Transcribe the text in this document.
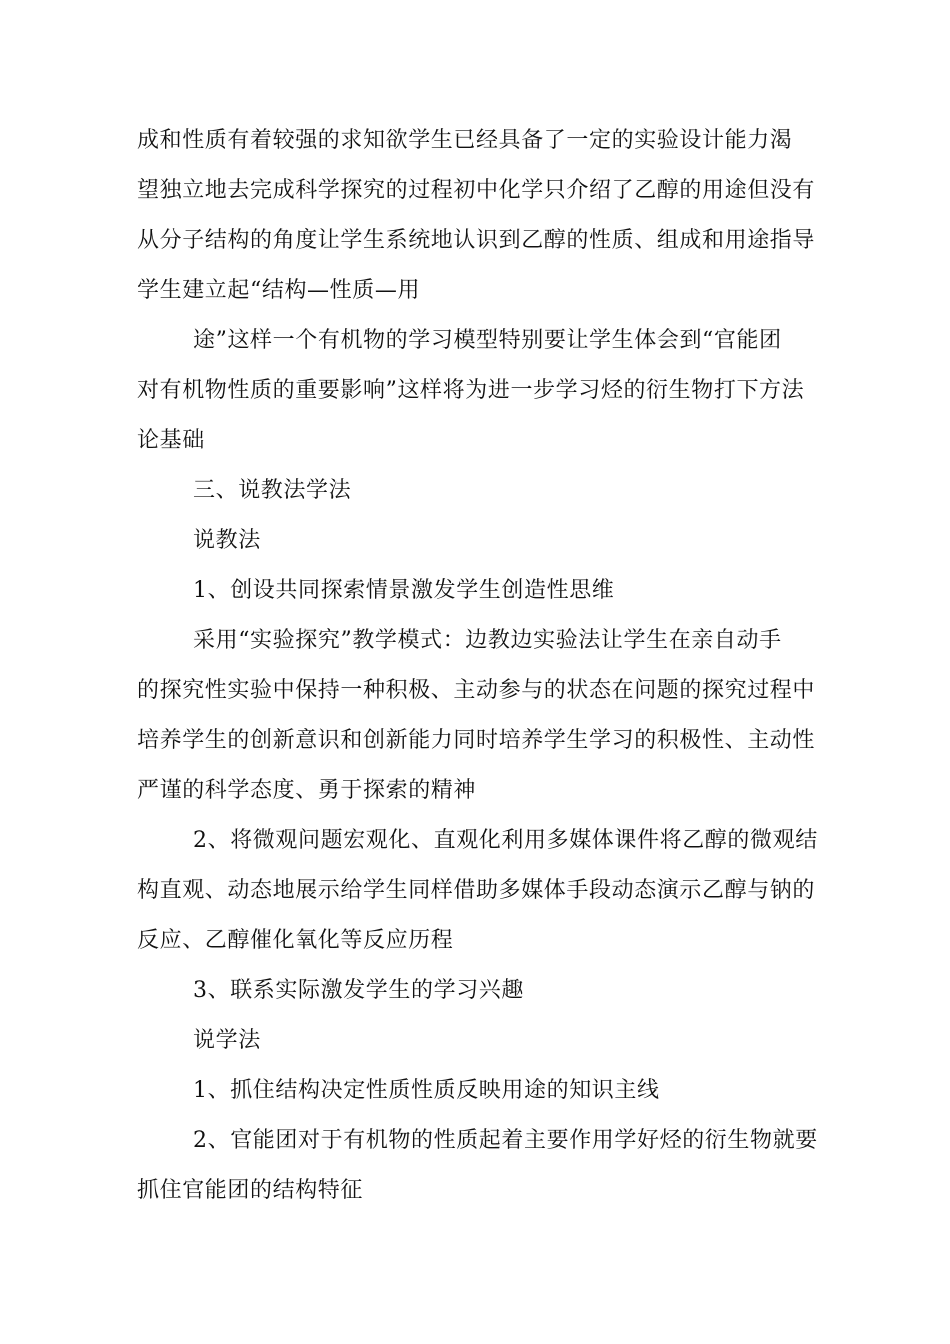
成和性质有着较强的求知欲学生已经具备了一定的实验设计能力渴
望独立地去完成科学探究的过程初中化学只介绍了乙醇的用途但没有
从分子结构的角度让学生系统地认识到乙醇的性质、组成和用途指导
学生建立起“结构—性质—用
途”这样一个有机物的学习模型特别要让学生体会到“官能团
对有机物性质的重要影响”这样将为进一步学习烃的衍生物打下方法
论基础
三、说教法学法
说教法
1、创设共同探索情景激发学生创造性思维
采用“实验探究”教学模式：边教边实验法让学生在亲自动手
的探究性实验中保持一种积极、主动参与的状态在问题的探究过程中
培养学生的创新意识和创新能力同时培养学生学习的积极性、主动性
严谨的科学态度、勇于探索的精神
2、将微观问题宏观化、直观化利用多媒体课件将乙醇的微观结
构直观、动态地展示给学生同样借助多媒体手段动态演示乙醇与钠的
反应、乙醇催化氧化等反应历程
3、联系实际激发学生的学习兴趣
说学法
1、抓住结构决定性质性质反映用途的知识主线
2、官能团对于有机物的性质起着主要作用学好烃的衍生物就要
抓住官能团的结构特征
